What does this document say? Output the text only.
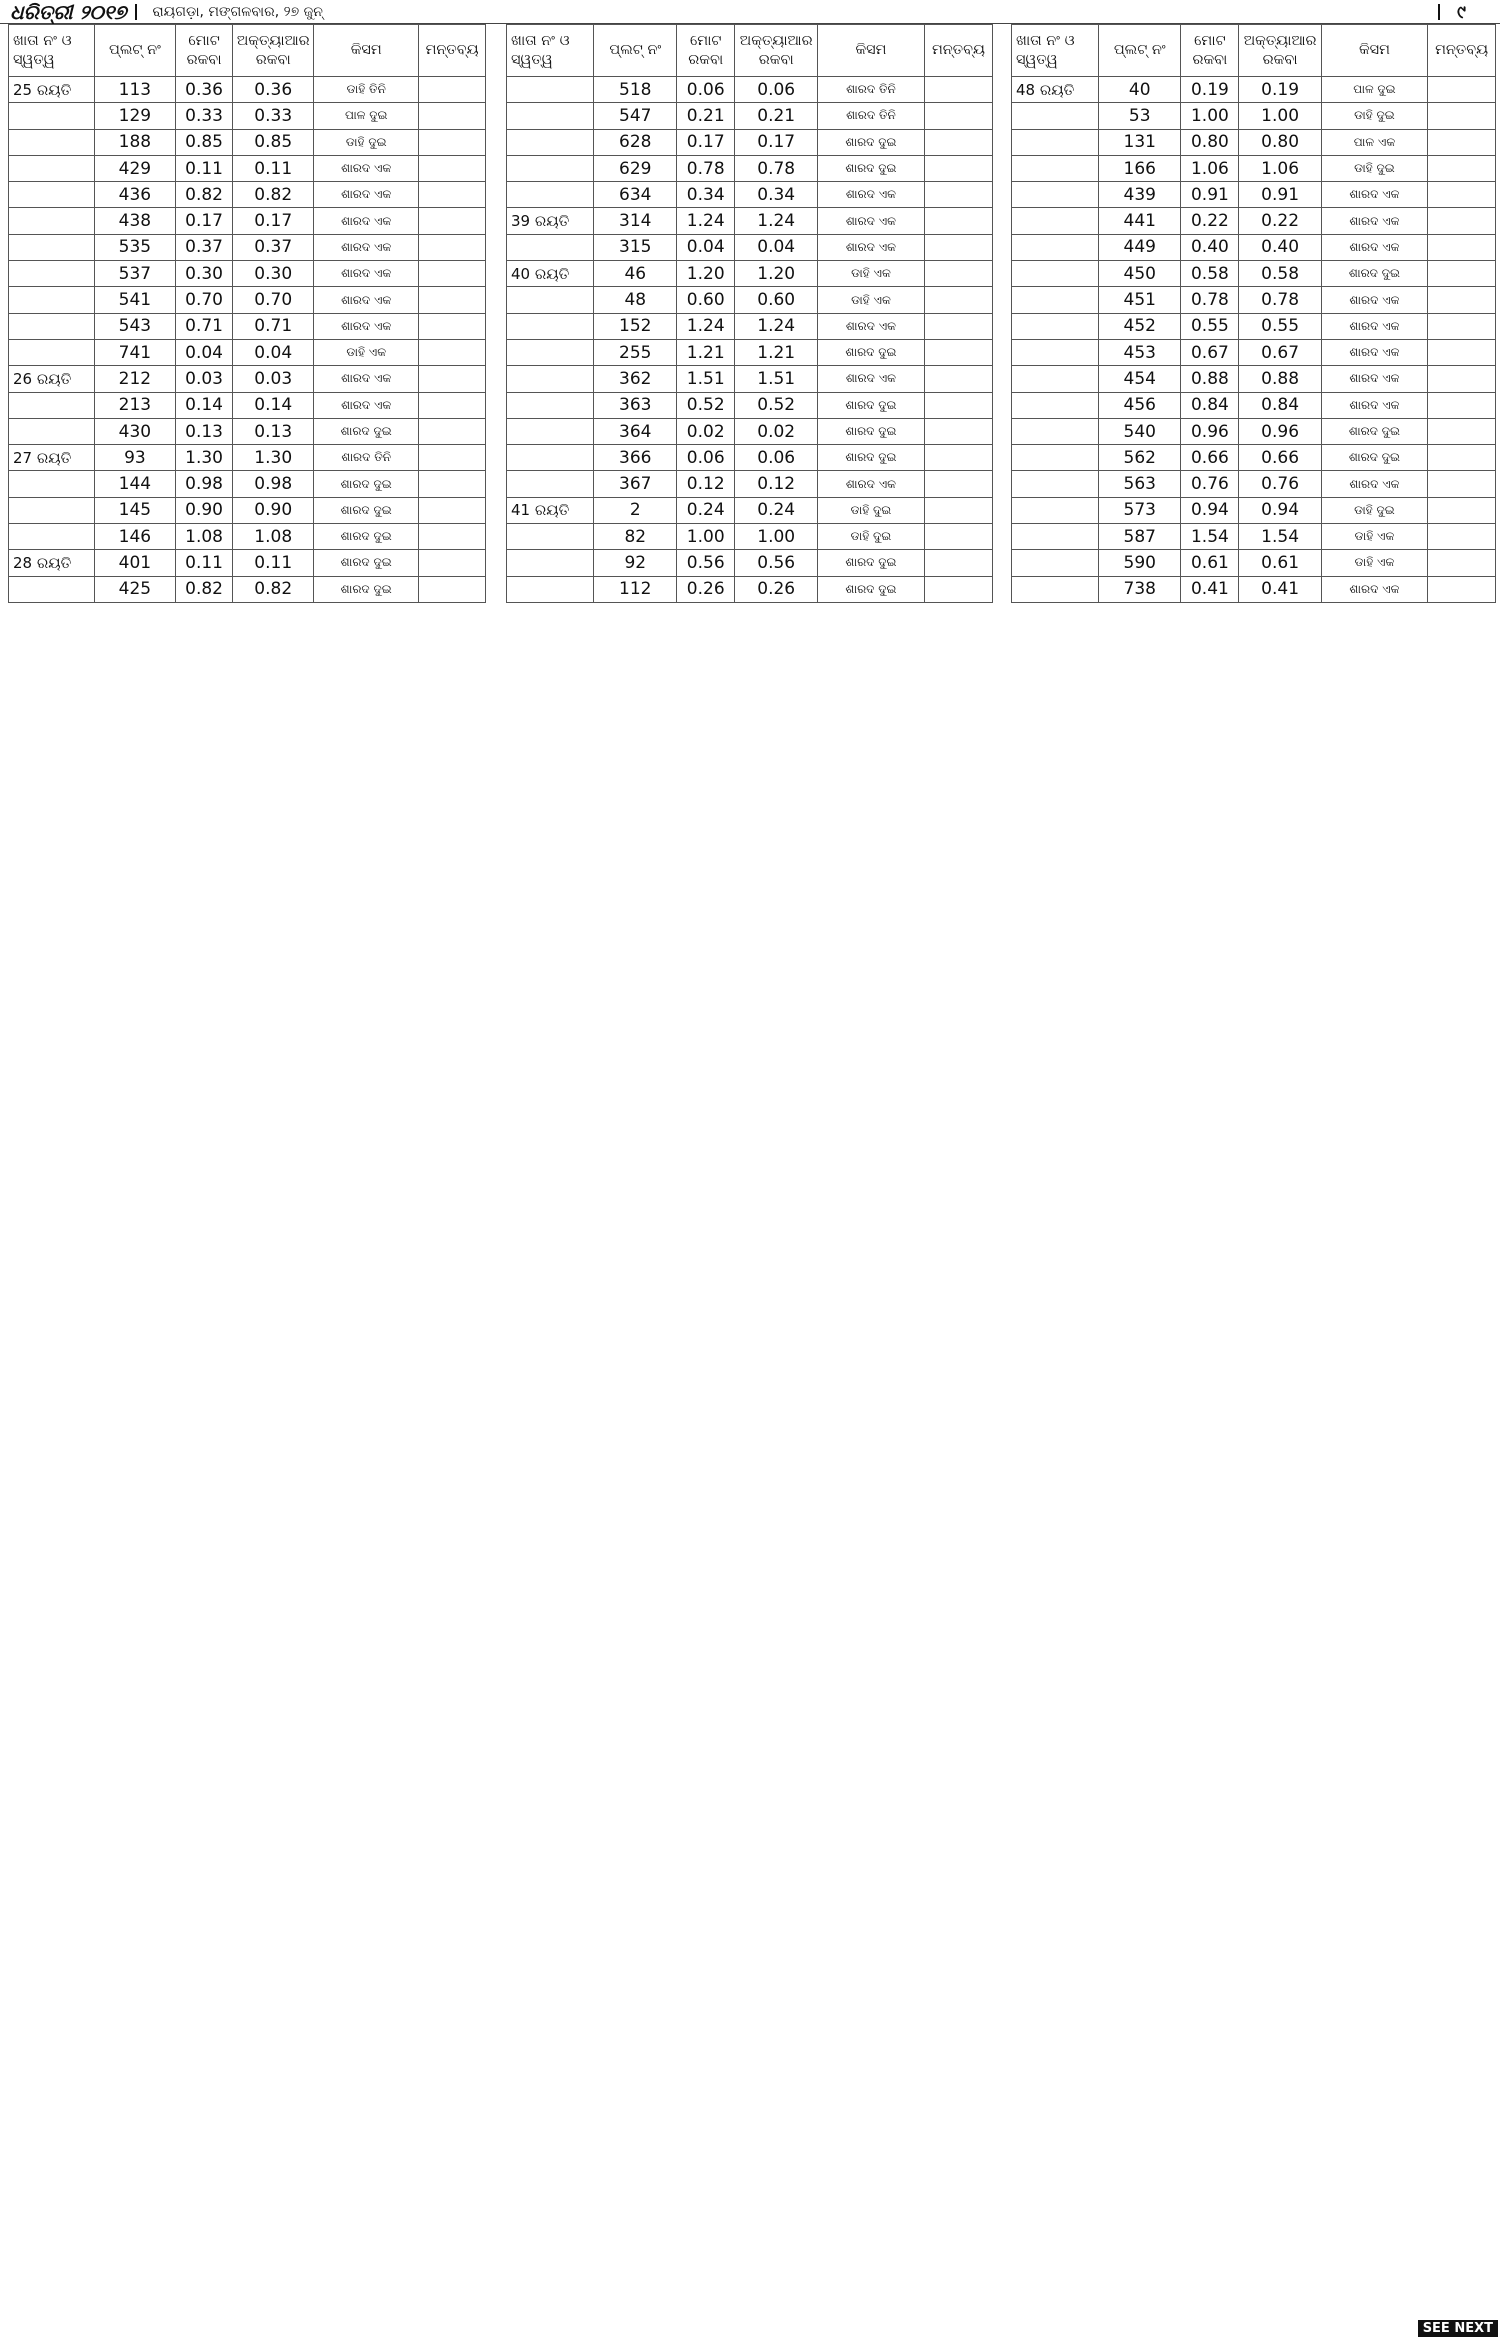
ଧରିତ୍ରୀ ୨୦୧୭ ରାୟଗଡ଼ା, ମଙ୍ଗଳବାର, ୨୭ ଜୁନ୍	୯
ଖାତା ନଂ ଓ ସ୍ୱତ୍ୱ	ପ୍ଲଟ୍ ନଂ	ମୋଟ ରକବା	ଅକ୍ତ୍ୟାଆର ରକବା	କିସମ	ମନ୍ତବ୍ୟ
25 ରୟତି	113	0.36	0.36	ଡାହି ତିନି	
	129	0.33	0.33	ପାଳ ଦୁଇ	
	188	0.85	0.85	ଡାହି ଦୁଇ	
	429	0.11	0.11	ଶାରଦ ଏକ	
	436	0.82	0.82	ଶାରଦ ଏକ	
	438	0.17	0.17	ଶାରଦ ଏକ	
	535	0.37	0.37	ଶାରଦ ଏକ	
	537	0.30	0.30	ଶାରଦ ଏକ	
	541	0.70	0.70	ଶାରଦ ଏକ	
	543	0.71	0.71	ଶାରଦ ଏକ	
	741	0.04	0.04	ଡାହି ଏକ	
26 ରୟତି	212	0.03	0.03	ଶାରଦ ଏକ	
	213	0.14	0.14	ଶାରଦ ଏକ	
	430	0.13	0.13	ଶାରଦ ଦୁଇ	
27 ରୟତି	93	1.30	1.30	ଶାରଦ ତିନି	
	144	0.98	0.98	ଶାରଦ ଦୁଇ	
	145	0.90	0.90	ଶାରଦ ଦୁଇ	
	146	1.08	1.08	ଶାରଦ ଦୁଇ	
28 ରୟତି	401	0.11	0.11	ଶାରଦ ଦୁଇ	
	425	0.82	0.82	ଶାରଦ ଦୁଇ	
ଖାତା ନଂ ଓ ସ୍ୱତ୍ୱ	ପ୍ଲଟ୍ ନଂ	ମୋଟ ରକବା	ଅକ୍ତ୍ୟାଆର ରକବା	କିସମ	ମନ୍ତବ୍ୟ
	518	0.06	0.06	ଶାରଦ ତିନି	
	547	0.21	0.21	ଶାରଦ ତିନି	
	628	0.17	0.17	ଶାରଦ ଦୁଇ	
	629	0.78	0.78	ଶାରଦ ଦୁଇ	
	634	0.34	0.34	ଶାରଦ ଏକ	
39 ରୟତି	314	1.24	1.24	ଶାରଦ ଏକ	
	315	0.04	0.04	ଶାରଦ ଏକ	
40 ରୟତି	46	1.20	1.20	ଡାହି ଏକ	
	48	0.60	0.60	ଡାହି ଏକ	
	152	1.24	1.24	ଶାରଦ ଏକ	
	255	1.21	1.21	ଶାରଦ ଦୁଇ	
	362	1.51	1.51	ଶାରଦ ଏକ	
	363	0.52	0.52	ଶାରଦ ଦୁଇ	
	364	0.02	0.02	ଶାରଦ ଦୁଇ	
	366	0.06	0.06	ଶାରଦ ଦୁଇ	
	367	0.12	0.12	ଶାରଦ ଏକ	
41 ରୟତି	2	0.24	0.24	ଡାହି ଦୁଇ	
	82	1.00	1.00	ଡାହି ଦୁଇ	
	92	0.56	0.56	ଶାରଦ ଦୁଇ	
	112	0.26	0.26	ଶାରଦ ଦୁଇ	
ଖାତା ନଂ ଓ ସ୍ୱତ୍ୱ	ପ୍ଲଟ୍ ନଂ	ମୋଟ ରକବା	ଅକ୍ତ୍ୟାଆର ରକବା	କିସମ	ମନ୍ତବ୍ୟ
48 ରୟତି	40	0.19	0.19	ପାଳ ଦୁଇ	
	53	1.00	1.00	ଡାହି ଦୁଇ	
	131	0.80	0.80	ପାଳ ଏକ	
	166	1.06	1.06	ଡାହି ଦୁଇ	
	439	0.91	0.91	ଶାରଦ ଏକ	
	441	0.22	0.22	ଶାରଦ ଏକ	
	449	0.40	0.40	ଶାରଦ ଏକ	
	450	0.58	0.58	ଶାରଦ ଦୁଇ	
	451	0.78	0.78	ଶାରଦ ଏକ	
	452	0.55	0.55	ଶାରଦ ଏକ	
	453	0.67	0.67	ଶାରଦ ଏକ	
	454	0.88	0.88	ଶାରଦ ଏକ	
	456	0.84	0.84	ଶାରଦ ଏକ	
	540	0.96	0.96	ଶାରଦ ଦୁଇ	
	562	0.66	0.66	ଶାରଦ ଦୁଇ	
	563	0.76	0.76	ଶାରଦ ଏକ	
	573	0.94	0.94	ଡାହି ଦୁଇ	
	587	1.54	1.54	ଡାହି ଏକ	
	590	0.61	0.61	ଡାହି ଏକ	
	738	0.41	0.41	ଶାରଦ ଏକ	
SEE NEXT
